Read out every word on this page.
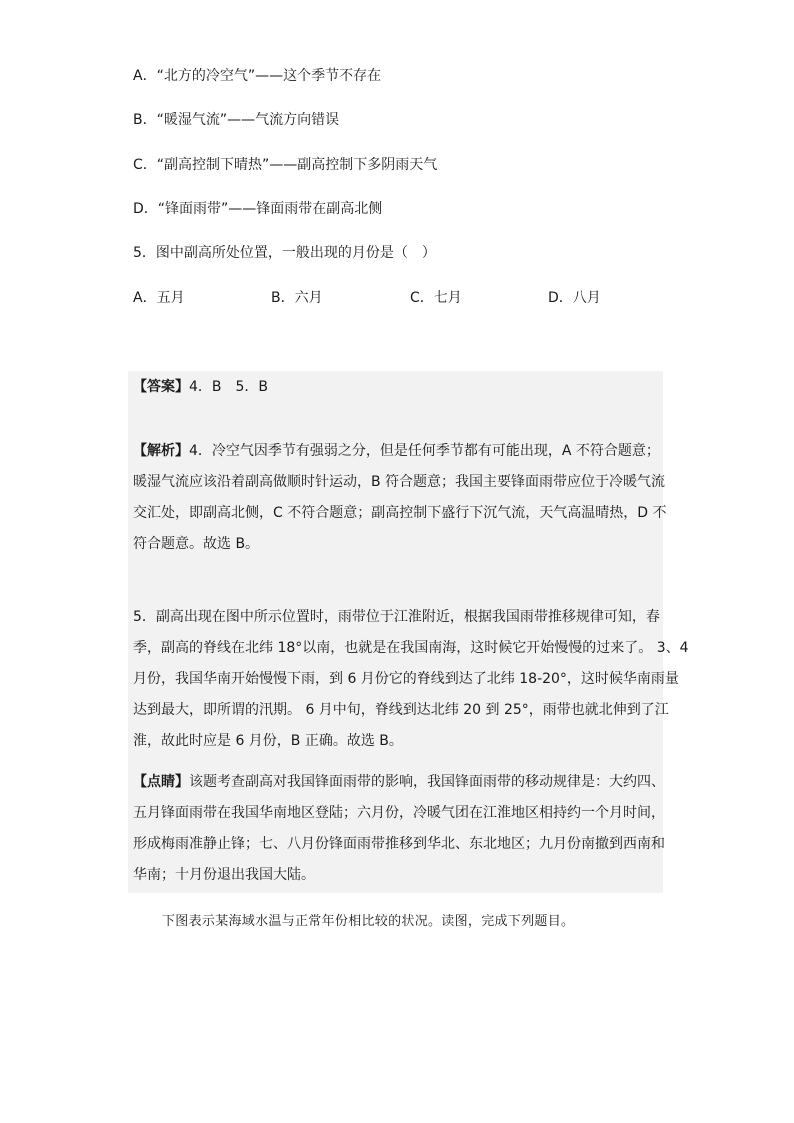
A．“北方的冷空气”——这个季节不存在
B．“暖湿气流”——气流方向错误
C．“副高控制下晴热”——副高控制下多阴雨天气
D．“锋面雨带”——锋面雨带在副高北侧
5．图中副高所处位置，一般出现的月份是（　）
A．五月	B．六月	C．七月	D．八月
【答案】4．B　5．B
【解析】4．冷空气因季节有强弱之分，但是任何季节都有可能出现，A 不符合题意；
暖湿气流应该沿着副高做顺时针运动，B 符合题意；我国主要锋面雨带应位于冷暖气流
交汇处，即副高北侧，C 不符合题意；副高控制下盛行下沉气流，天气高温晴热，D 不
符合题意。故选 B。
5．副高出现在图中所示位置时，雨带位于江淮附近，根据我国雨带推移规律可知，春
季，副高的脊线在北纬 18°以南，也就是在我国南海，这时候它开始慢慢的过来了。 3、4
月份，我国华南开始慢慢下雨，到 6 月份它的脊线到达了北纬 18-20°，这时候华南雨量
达到最大，即所谓的汛期。 6 月中旬，脊线到达北纬 20 到 25°，雨带也就北伸到了江
淮，故此时应是 6 月份，B 正确。故选 B。
【点睛】该题考查副高对我国锋面雨带的影响，我国锋面雨带的移动规律是：大约四、
五月锋面雨带在我国华南地区登陆；六月份，冷暖气团在江淮地区相持约一个月时间，
形成梅雨准静止锋；七、八月份锋面雨带推移到华北、东北地区；九月份南撤到西南和
华南；十月份退出我国大陆。
下图表示某海域水温与正常年份相比较的状况。读图，完成下列题目。
